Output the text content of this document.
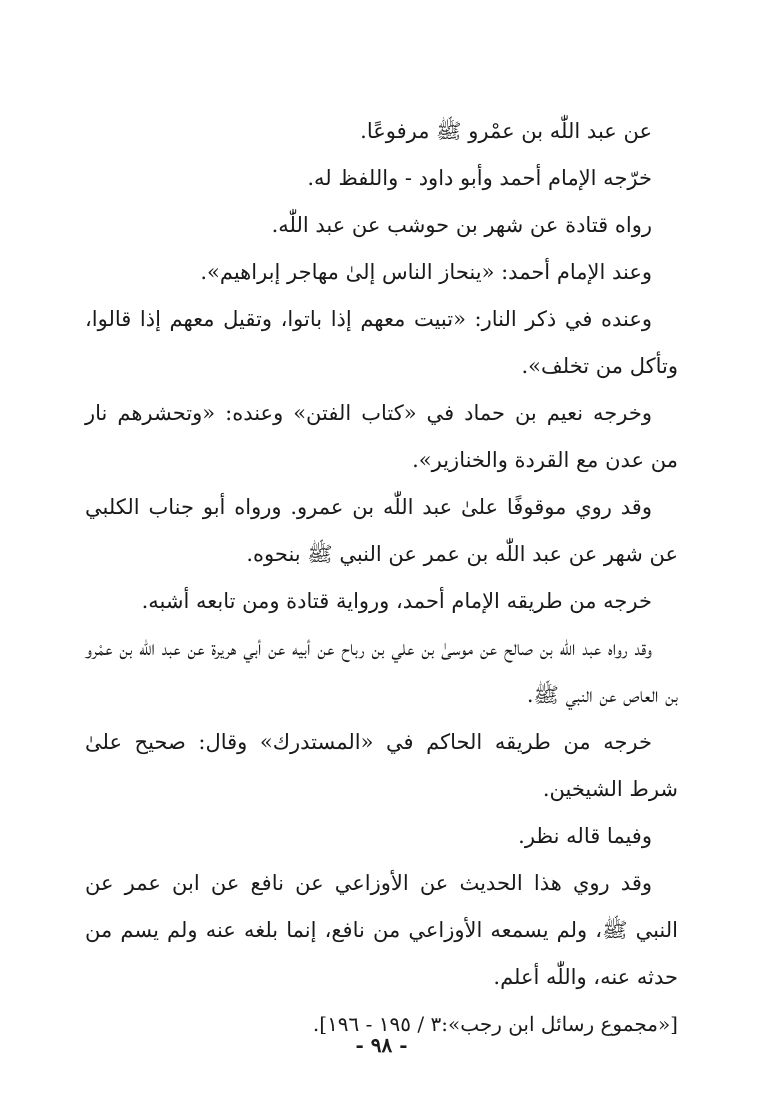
عن عبد اللّٰه بن عمْرو ﷺ مرفوعًا.

خرّجه الإمام أحمد وأبو داود - واللفظ له.

رواه قتادة عن شهر بن حوشب عن عبد اللّٰه.

وعند الإمام أحمد: «ينحاز الناس إلىٰ مهاجر إبراهيم».

وعنده في ذكر النار: «تبيت معهم إذا باتوا، وتقيل معهم إذا قالوا، وتأكل من تخلف».

وخرجه نعيم بن حماد في «كتاب الفتن» وعنده: «وتحشرهم نار من عدن مع القردة والخنازير».

وقد روي موقوفًا علىٰ عبد اللّٰه بن عمرو. ورواه أبو جناب الكلبي عن شهر عن عبد اللّٰه بن عمر عن النبي ﷺ بنحوه.

خرجه من طريقه الإمام أحمد، ورواية قتادة ومن تابعه أشبه.

وقد رواه عبد اللّٰه بن صالح عن موسىٰ بن علي بن رباح عن أبيه عن أبي هريرة عن عبد اللّٰه بن عمْرو بن العاص عن النبي ﷺ.

خرجه من طريقه الحاكم في «المستدرك» وقال: صحيح علىٰ شرط الشيخين.

وفيما قاله نظر.

وقد روي هذا الحديث عن الأوزاعي عن نافع عن ابن عمر عن النبي ﷺ، ولم يسمعه الأوزاعي من نافع، إنما بلغه عنه ولم يسم من حدثه عنه، واللّٰه أعلم.

[«مجموع رسائل ابن رجب»:٣ / ١٩٥ - ١٩٦].

- ٩٨ -
